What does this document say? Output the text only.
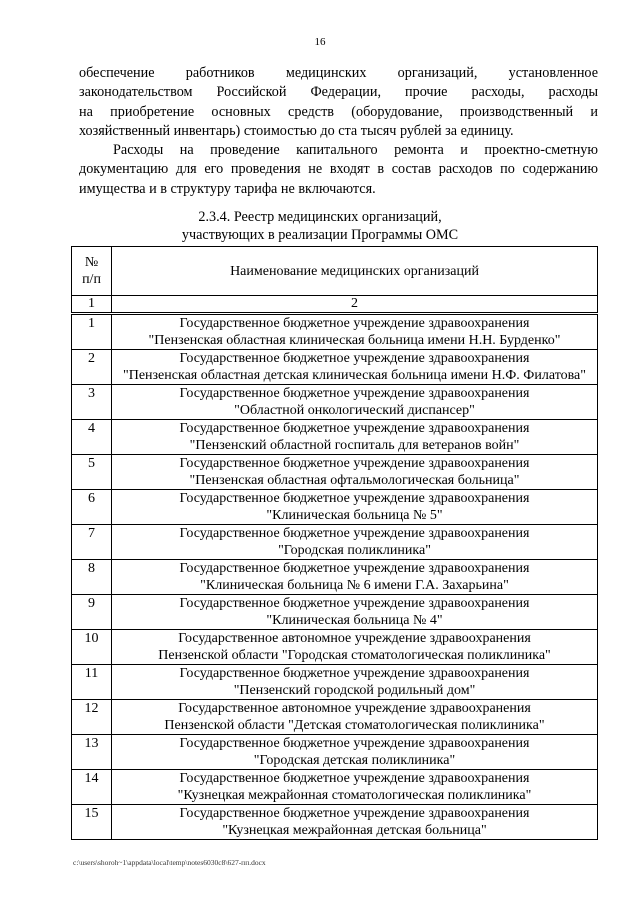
16

обеспечение работников медицинских организаций, установленное
законодательством Российской Федерации, прочие расходы, расходы
на приобретение основных средств (оборудование, производственный и
хозяйственный инвентарь) стоимостью до ста тысяч рублей за единицу.

Расходы на проведение капитального ремонта и проектно-сметную
документацию для его проведения не входят в состав расходов по содержанию
имущества и в структуру тарифа не включаются.

2.3.4. Реестр медицинских организаций,
участвующих в реализации Программы ОМС
№
п/п	Наименование медицинских организаций
1	2
1	Государственное бюджетное учреждение здравоохранения
"Пензенская областная клиническая больница имени Н.Н. Бурденко"

2	Государственное бюджетное учреждение здравоохранения
"Пензенская областная детская клиническая больница имени Н.Ф. Филатова"

3	Государственное бюджетное учреждение здравоохранения
"Областной онкологический диспансер"

4	Государственное бюджетное учреждение здравоохранения
"Пензенский областной госпиталь для ветеранов войн"

5	Государственное бюджетное учреждение здравоохранения
"Пензенская областная офтальмологическая больница"

6	Государственное бюджетное учреждение здравоохранения
"Клиническая больница № 5"

7	Государственное бюджетное учреждение здравоохранения
"Городская поликлиника"

8	Государственное бюджетное учреждение здравоохранения
"Клиническая больница № 6 имени Г.А. Захарьина"

9	Государственное бюджетное учреждение здравоохранения
"Клиническая больница № 4"

10	Государственное автономное учреждение здравоохранения
Пензенской области "Городская стоматологическая поликлиника"

11	Государственное бюджетное учреждение здравоохранения
"Пензенский городской родильный дом"

12	Государственное автономное учреждение здравоохранения
Пензенской области "Детская стоматологическая поликлиника"

13	Государственное бюджетное учреждение здравоохранения
"Городская детская поликлиника"

14	Государственное бюджетное учреждение здравоохранения
"Кузнецкая межрайонная стоматологическая поликлиника"

15	Государственное бюджетное учреждение здравоохранения
"Кузнецкая межрайонная детская больница"
c:\users\shoroh~1\appdata\local\temp\notes6030c8\627-пп.docx
